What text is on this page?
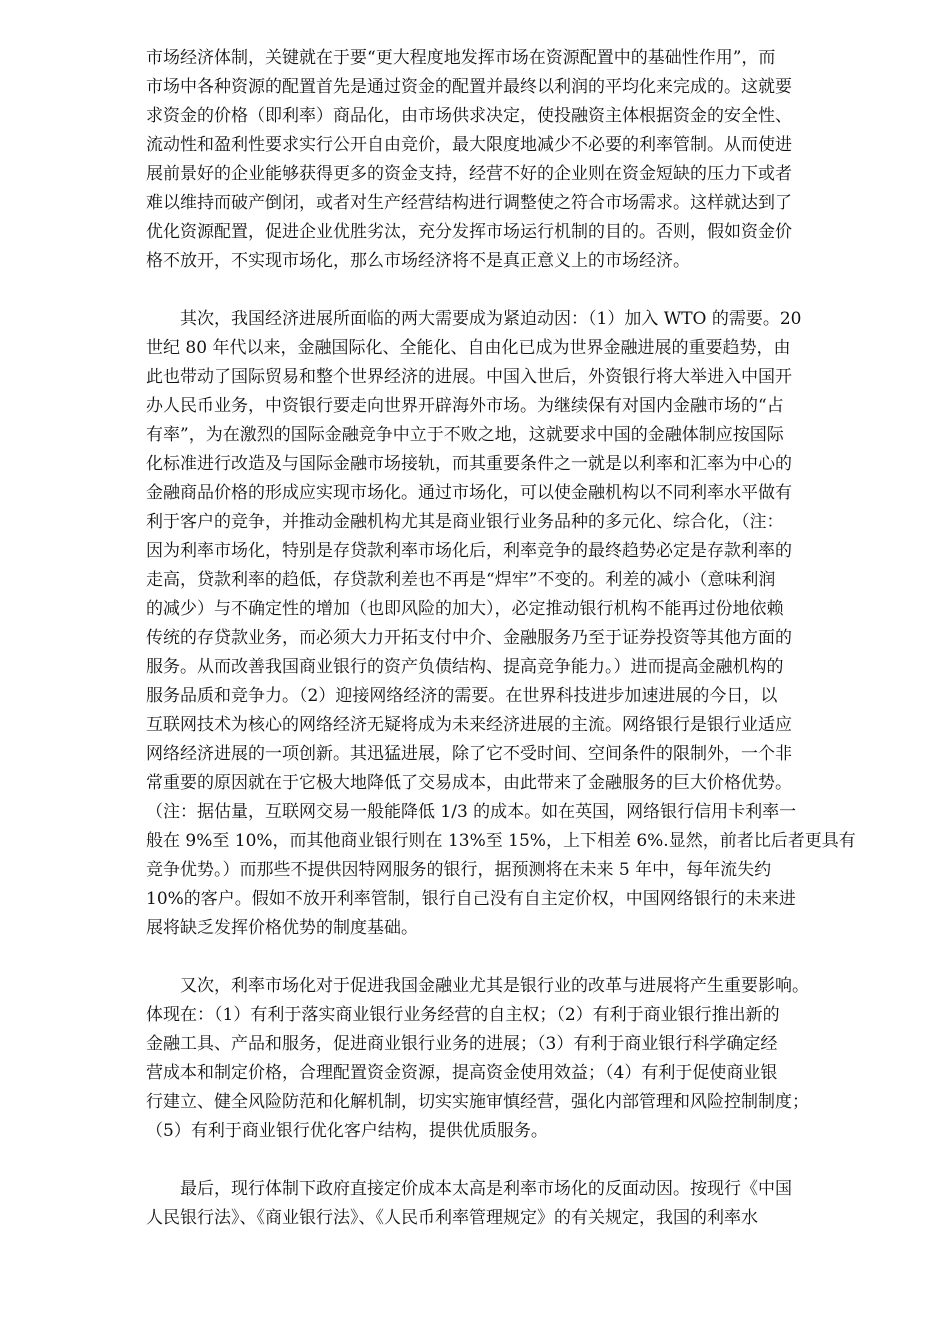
市场经济体制，关键就在于要“更大程度地发挥市场在资源配置中的基础性作用”，而
市场中各种资源的配置首先是通过资金的配置并最终以利润的平均化来完成的。这就要
求资金的价格（即利率）商品化，由市场供求决定，使投融资主体根据资金的安全性、
流动性和盈利性要求实行公开自由竞价，最大限度地减少不必要的利率管制。从而使进
展前景好的企业能够获得更多的资金支持，经营不好的企业则在资金短缺的压力下或者
难以维持而破产倒闭，或者对生产经营结构进行调整使之符合市场需求。这样就达到了
优化资源配置，促进企业优胜劣汰，充分发挥市场运行机制的目的。否则，假如资金价
格不放开，不实现市场化，那么市场经济将不是真正意义上的市场经济。
　　其次，我国经济进展所面临的两大需要成为紧迫动因：（1）加入 WTO 的需要。20
世纪 80 年代以来，金融国际化、全能化、自由化已成为世界金融进展的重要趋势，由
此也带动了国际贸易和整个世界经济的进展。中国入世后，外资银行将大举进入中国开
办人民币业务，中资银行要走向世界开辟海外市场。为继续保有对国内金融市场的“占
有率”，为在激烈的国际金融竞争中立于不败之地，这就要求中国的金融体制应按国际
化标准进行改造及与国际金融市场接轨，而其重要条件之一就是以利率和汇率为中心的
金融商品价格的形成应实现市场化。通过市场化，可以使金融机构以不同利率水平做有
利于客户的竞争，并推动金融机构尤其是商业银行业务品种的多元化、综合化，（注：
因为利率市场化，特别是存贷款利率市场化后，利率竞争的最终趋势必定是存款利率的
走高，贷款利率的趋低，存贷款利差也不再是“焊牢”不变的。利差的减小（意味利润
的减少）与不确定性的增加（也即风险的加大），必定推动银行机构不能再过份地依赖
传统的存贷款业务，而必须大力开拓支付中介、金融服务乃至于证券投资等其他方面的
服务。从而改善我国商业银行的资产负债结构、提高竞争能力。）进而提高金融机构的
服务品质和竞争力。（2）迎接网络经济的需要。在世界科技进步加速进展的今日，以
互联网技术为核心的网络经济无疑将成为未来经济进展的主流。网络银行是银行业适应
网络经济进展的一项创新。其迅猛进展，除了它不受时间、空间条件的限制外，一个非
常重要的原因就在于它极大地降低了交易成本，由此带来了金融服务的巨大价格优势。
（注：据估量，互联网交易一般能降低 1/3 的成本。如在英国，网络银行信用卡利率一
般在 9%至 10%，而其他商业银行则在 13%至 15%，上下相差 6%.显然，前者比后者更具有
竞争优势。）而那些不提供因特网服务的银行，据预测将在未来 5 年中，每年流失约
10%的客户。假如不放开利率管制，银行自己没有自主定价权，中国网络银行的未来进
展将缺乏发挥价格优势的制度基础。
　　又次，利率市场化对于促进我国金融业尤其是银行业的改革与进展将产生重要影响。
体现在：（1）有利于落实商业银行业务经营的自主权；（2）有利于商业银行推出新的
金融工具、产品和服务，促进商业银行业务的进展；（3）有利于商业银行科学确定经
营成本和制定价格，合理配置资金资源，提高资金使用效益；（4）有利于促使商业银
行建立、健全风险防范和化解机制，切实实施审慎经营，强化内部管理和风险控制制度；
（5）有利于商业银行优化客户结构，提供优质服务。
　　最后，现行体制下政府直接定价成本太高是利率市场化的反面动因。按现行《中国
人民银行法》、《商业银行法》、《人民币利率管理规定》的有关规定，我国的利率水
